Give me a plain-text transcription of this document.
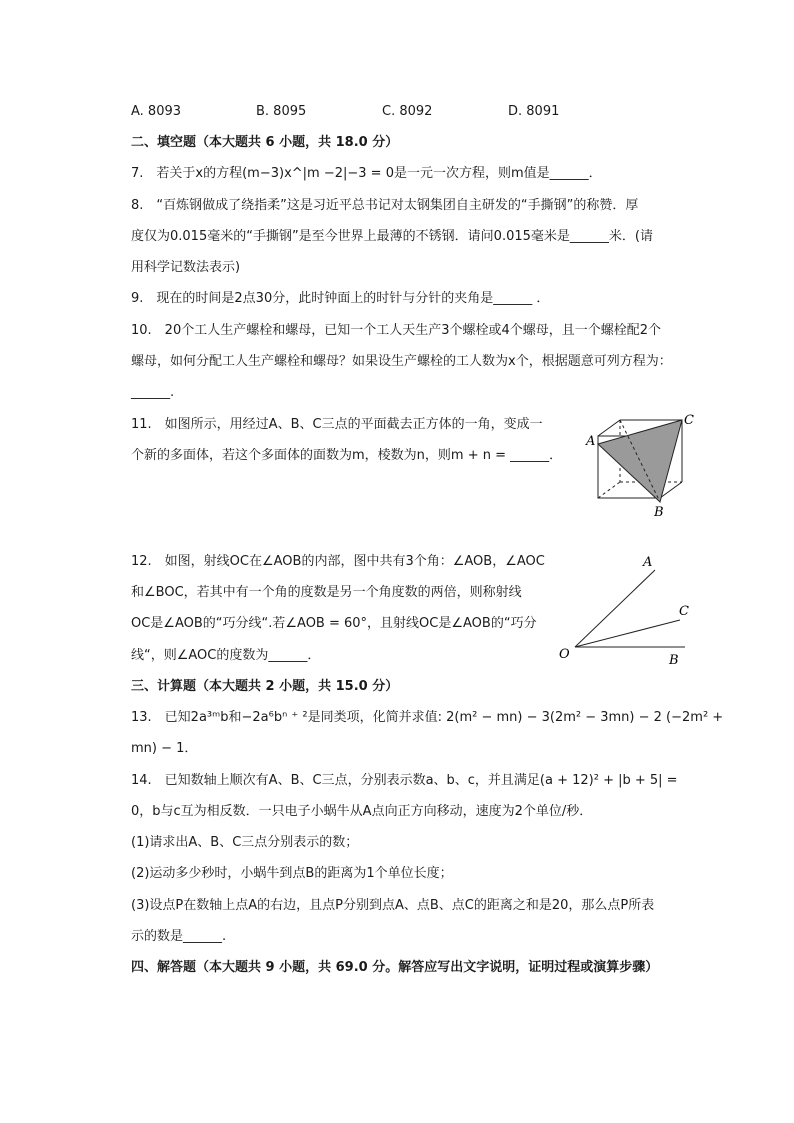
A. 8093	B. 8095	C. 8092	D. 8091
二、填空题（本大题共 6 小题，共 18.0 分）
7.　若关于x的方程(m−3)x^|m −2|−3 = 0是一元一次方程，则m值是______．
8.　“百炼钢做成了绕指柔”这是习近平总书记对太钢集团自主研发的“手撕钢”的称赞．厚
度仅为0.015毫米的“手撕钢”是至今世界上最薄的不锈钢．请问0.015毫米是______米．(请
用科学记数法表示)
9.　现在的时间是2点30分，此时钟面上的时针与分针的夹角是______ ．
10.　20个工人生产螺栓和螺母，已知一个工人天生产3个螺栓或4个螺母，且一个螺栓配2个
螺母，如何分配工人生产螺栓和螺母？如果设生产螺栓的工人数为x个，根据题意可列方程为：
______.
11.　如图所示，用经过A、B、C三点的平面截去正方体的一角，变成一
个新的多面体，若这个多面体的面数为m，棱数为n，则m + n = ______．
A
C
B
12.　如图，射线OC在∠AOB的内部，图中共有3个角：∠AOB，∠AOC
和∠BOC，若其中有一个角的度数是另一个角度数的两倍，则称射线
OC是∠AOB的“巧分线“.若∠AOB = 60°，且射线OC是∠AOB的“巧分
线“，则∠AOC的度数为______．
A
C
O	B
三、计算题（本大题共 2 小题，共 15.0 分）
13.　已知2a³ᵐb和−2a⁶bⁿ ⁺ ²是同类项，化简并求值: 2(m² − mn) − 3(2m² − 3mn) − 2 (−2m² +
mn) − 1．
14.　已知数轴上顺次有A、B、C三点，分别表示数a、b、c，并且满足(a + 12)² + |b + 5| =
0，b与c互为相反数．一只电子小蜗牛从A点向正方向移动，速度为2个单位/秒．
(1)请求出A、B、C三点分别表示的数；
(2)运动多少秒时，小蜗牛到点B的距离为1个单位长度；
(3)设点P在数轴上点A的右边，且点P分别到点A、点B、点C的距离之和是20，那么点P所表
示的数是______.
四、解答题（本大题共 9 小题，共 69.0 分。解答应写出文字说明，证明过程或演算步骤）
